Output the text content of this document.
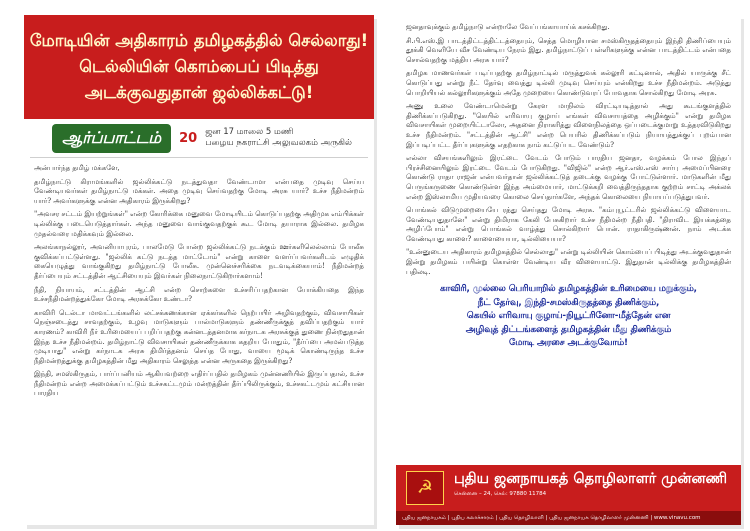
மோடியின் அதிகாரம் தமிழகத்தில் செல்லாது!
டெல்லியின் கொம்பைப் பிடித்து
அடக்குவதுதான் ஜல்லிக்கட்டு!
ஆர்ப்பாட்டம்	20 ஜன 17 மாலை 5 மணி
பழைய நகராட்சி அலுவலகம் அருகில்

அன்பார்ந்த தமிழ் மக்களே,

தமிழ்நாட்டு கிராமங்களில் ஜல்லிக்கட்டு நடத்துவதா வேண்டாமா என்பதை முடிவு செய்ய வேண்டியவர்கள் தமிழ்நாட்டு மக்கள். அதை முடிவு செய்வதற்கு மோடி அரசு யார்? உச்ச நீதிமன்றம் யார்? அவர்களுக்கு என்ன அதிகாரம் இருக்கிறது?

"அவசர சட்டம் இயற்றுங்கள்" என்ற கோரிக்கை மனுவை மோடியிடம் கொடுப்பதற்கு அதிமுக எம்பிக்கள் டில்லிக்கு படையெடுத்தார்கள். அந்த மனுவை வாங்குவதற்குக் கூட மோடி தயாராக இல்லை. தமிழக முதல்வரை மதிக்கவும் இல்லை.

அலங்காநல்லூர், அவனியாபுரம், பாலமேடு போன்ற ஜல்லிக்கட்டு நடக்கும் ஊர்களிலெல்லாம் போலீசு குவிக்கப்பட்டுள்ளது. "ஜல்லிக் கட்டு நடத்த மாட்டோம்" என்று காளை வளர்ப்பவர்களிடம் எழுதிக் கையெழுத்து வாங்குகிறது தமிழ்நாட்டு போலீசு. முன்னெச்சரிக்கை நடவடிக்கையாம்! நீதிமன்றத் தீர்ப்பையும் சட்டத்தின் ஆட்சியையும் இவர்கள் நிலைநாட்டுகிறார்களாம்!

நீதி, நியாயம், சட்டத்தின் ஆட்சி என்ற சொற்களை உச்சரிப்பதற்கான யோக்கியதை இந்த உச்சநீதிமன்றத்துக்கோ மோடி அரசுக்கோ உண்டா?

காவிரி டெல்டா மாவட்டங்களில் லட்சக்கணக்கான ஏக்கர்களில் நெற்பயிர் அழிவதற்கும், விவசாயிகள் நெஞ்சடைத்து சாவதற்கும், உழவு மாடுகளும் பால்மாடுகளும் தண்ணீருக்குத் தவிப்பதற்கும் யார் காரணம்? காவிரி நீர் உரிமையைப் பறிப்பதற்கு கன்னடத்தனமாக கர்நாடக அரசுக்குத் துணை நின்றதுதான் இந்த உச்ச நீதிமன்றம். தமிழ்நாட்டு விவசாயிகள் தண்ணீருக்காக கதறிய போதும், "தீர்ப்பை அமல்படுத்த முடியாது" என்று கர்நாடக அரசு திமிர்த்தனம் செய்த போது, வாயை மூடிக் கொண்டிருந்த உச்ச நீதிமன்றத்துக்கு தமிழகத்தின் மீது அதிகாரம் செலுத்த என்ன அருகதை இருக்கிறது?

இந்தி, சமஸ்கிருதம், பார்ப்பனியம் ஆகியவற்றை எதிர்ப்பதில் தமிழகம் முன்னணியில் இருப்பதால், உச்ச நீதிமன்றம் என்ற அமைக்கப்பட்டும் உச்சகட்டமும் மன்றத்தின் தீர்ப்பிலிருக்கும், உச்சகட்டமும் கட்சியான பாரதிய

ஜனதாவுக்கும் தமிழ்நாடு என்றாலே வேப்பங்காயாய்க் கசக்கிறது.

சி.பி.எஸ்.இ பாடத்திட்டத்திட்டத்தையும், செத்த மொழியான சமஸ்கிருதத்தையும் இந்தி திணிப்பையும் தூக்கி வெளியே வீச வேண்டிய நேரம் இது. தமிழ்நாட்டுப் பள்ளிகளுக்கு என்ன பாடத்திட்டம் என்பதை சொல்வதற்கு மத்திய அரசு யார்?

தமிழக மாணவர்கள் படிப்பதற்கு தமிழ்நாட்டில் மருத்துவக் கல்லூரி கட்டினால், அதில் யாருக்கு சீட் கொடுப்பது என்று நீட் தேர்வு வைத்து டில்லி முடிவு செய்யும் என்கிறது உச்ச நீதிமன்றம். அடுத்து பொறியியல் கல்லூரிகளுக்கும் அதே முறையை கொண்டுவரப் போவதாக சொல்கிறது மோடி அரசு.

அணு உலை வேண்டாமென்று கேரள மாநிலம் விரட்டியடித்தால் அது கூடங்குளத்தில் திணிக்கப்படுகிறது. "கெயில் எரிவாயு குழாய் எங்கள் விவசாயத்தை அழிக்கும்" என்று தமிழக விவசாயிகள் முறையிட்டாலோ, அதனை நிராகரித்து விளைநிலத்தை ஒப்படைக்குமாறு உத்தரவிடுகிறது உச்ச நீதிமன்றம். "சட்டத்தின் ஆட்சி" என்ற பெயரில் திணிக்கப்படும் நியாயத்துக்குப் புறம்பான இப்படிப்பட்ட தீர்ப்புகளுக்கு எதற்காக நாம் கட்டுப்பட வேண்டும்?

எல்லா விசயங்களிலும் இரட்டை வேடம் போடும் பாரதிய ஜனதா, வழக்கம் போல இந்தப் பிரச்சினையிலும் இரட்டை வேடம் போடுகிறது. "விஜில்" என்ற ஆர்.எஸ்.எஸ் சார்பு அமைப்பினரை கொண்டு ராதா ராஜன் என்பவர்தான் ஜல்லிக்கட்டுத் தடைக்கு வழக்கு போட்டுள்ளார். மாடுகளின் மீது பெருங்கருணை கொண்டுள்ள இந்த அம்மையார், மாட்டுக்கறி வைத்திருந்ததாக குற்றம் சாட்டி அக்லக் என்ற இஸ்லாமிய முதியவரை கொலை செய்தார்களே, அந்தக் கொலையை நியாயப்படுத்துபவர்.

பொங்கல் விடுமுறையையே ரத்து செய்தது மோடி அரசு. "கம்புயூட்டரில் ஜல்லிக்கட்டு விளையாட வேண்டியதுதானே" என்று திமிராக கேலி பேசுகிறார் உச்ச நீதிமன்ற நீதிபதி. "திராவிட இயக்கத்தை அழிப்போம்" என்று பொங்கல் வாழ்த்து சொல்கிறார் பொன். ராதாகிருஷ்ணன். நாம் அடக்க வேண்டியது காளை? காளையையா, டில்லியையா?

"உன்னுடைய அதிகாரம் தமிழகத்தில் செல்லாது" என்று டில்லியின் கொம்பைப் பிடித்து அடக்குவதுதான் இன்று தமிழகம் பயின்று கொள்ள வேண்டிய வீர விளையாட்டு. இதுதான் டில்லிக்கு தமிழகத்தின் பதிலடி.

காவிரி, முல்லை பெரியாறில் தமிழகத்தின் உரிமையை மறுக்கும்,
நீட் தேர்வு, இந்தி-சமஸ்கிருதத்தை திணிக்கும்,
கெயில் எரிவாயு குழாய்-நியூட்ரினோ-மீத்தேன் என
அழிவுத் திட்டங்களைத் தமிழகத்தின் மீது திணிக்கும்
மோடி அரசை அடக்குவோம்!
☭	புதிய ஜனநாயகத் தொழிலாளர் முன்னணி
சென்னை – 24, செல்: 97880 11784
புதிய ஜனநாயகம் | புதிய கலாச்சாரம் | புதிய தொழிலாளி | புதிய ஜனநாயக தொழிலாளர் முன்னணி | www.vinavu.com
